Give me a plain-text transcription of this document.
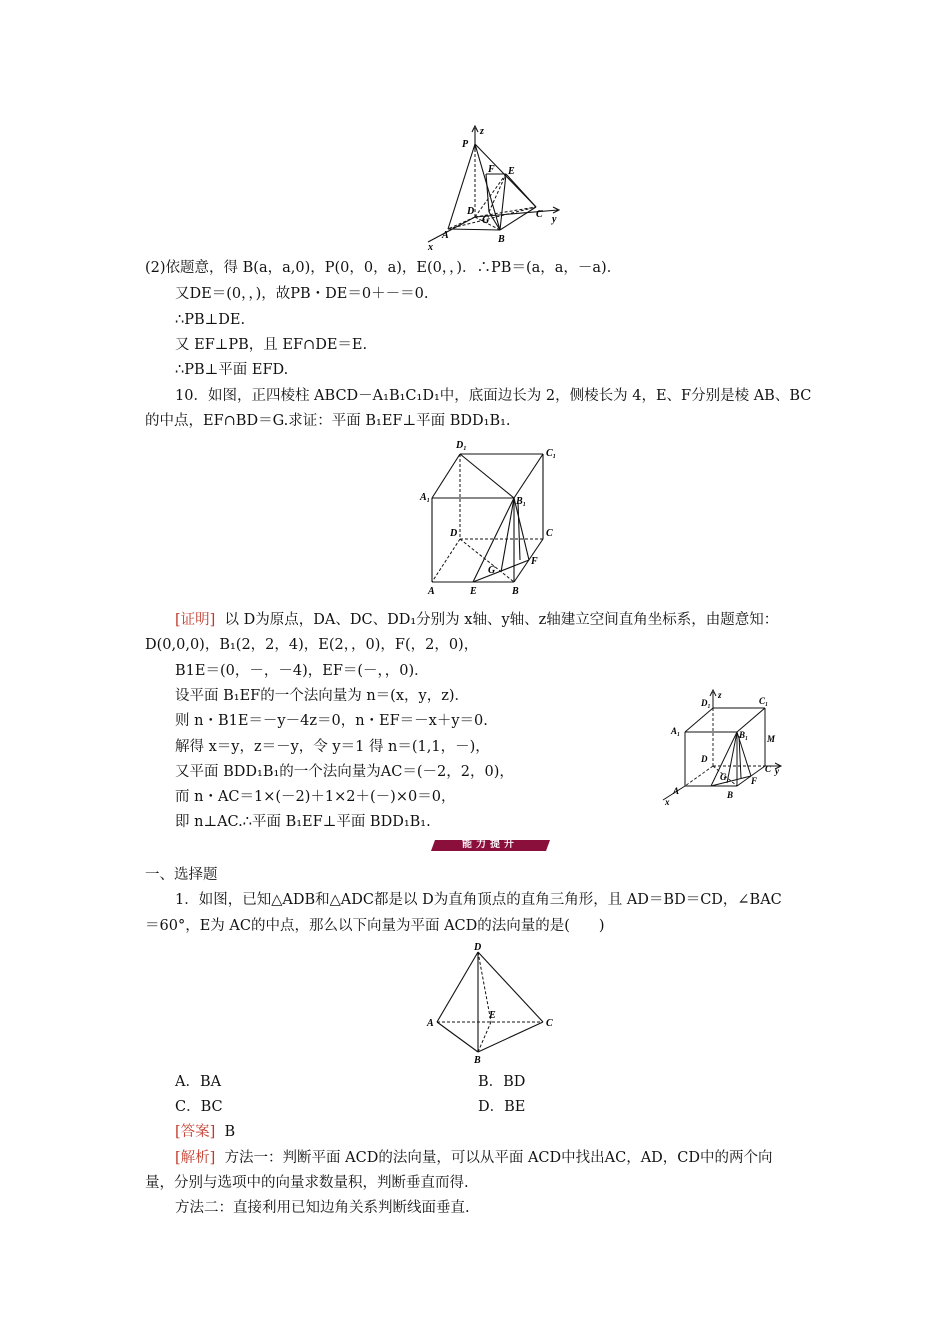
z
P
F E
D
G
C y
A	B
x
(2)依题意，得 B(a，a,0)，P(0，0，a)，E(0，，)．∴PB＝(a，a，－a)．
又DE＝(0，，)，故PB・DE＝0＋－＝0.
∴PB⊥DE.
又 EF⊥PB，且 EF∩DE＝E.
∴PB⊥平面 EFD.
10．如图，正四棱柱 ABCD－A₁B₁C₁D₁中，底面边长为 2，侧棱长为 4，E、F分别是棱 AB、BC
的中点，EF∩BD＝G.求证：平面 B₁EF⊥平面 BDD₁B₁.
D₁
C₁
A₁	B₁
D	C
G
F
A	E	B
[证明] 以 D为原点，DA、DC、DD₁分别为 x轴、y轴、z轴建立空间直角坐标系，由题意知：
D(0,0,0)，B₁(2，2，4)，E(2，，0)，F(，2，0)，
B1E＝(0，－，－4)，EF＝(－，，0)．
设平面 B₁EF的一个法向量为 n＝(x，y，z)．
则 n・B1E＝－y－4z＝0，n・EF＝－x＋y＝0.
解得 x＝y，z＝－y，令 y＝1 得 n＝(1,1，－)，
又平面 BDD₁B₁的一个法向量为AC＝(－2，2，0)，
而 n・AC＝1×(－2)＋1×2＋(－)×0＝0，
即 n⊥AC.∴平面 B₁EF⊥平面 BDD₁B₁.
z
D₁	C₁
A₁	B₁ M
D
G
C y
F
A	B
x
能力提升
一、选择题
1．如图，已知△ADB和△ADC都是以 D为直角顶点的直角三角形，且 AD＝BD＝CD，∠BAC
＝60°，E为 AC的中点，那么以下向量为平面 ACD的法向量的是(　　)
D
A
E
C
B
A．BA	B．BD
C．BC	D．BE
[答案] B
[解析] 方法一：判断平面 ACD的法向量，可以从平面 ACD中找出AC，AD，CD中的两个向
量，分别与选项中的向量求数量积，判断垂直而得.
方法二：直接利用已知边角关系判断线面垂直.
